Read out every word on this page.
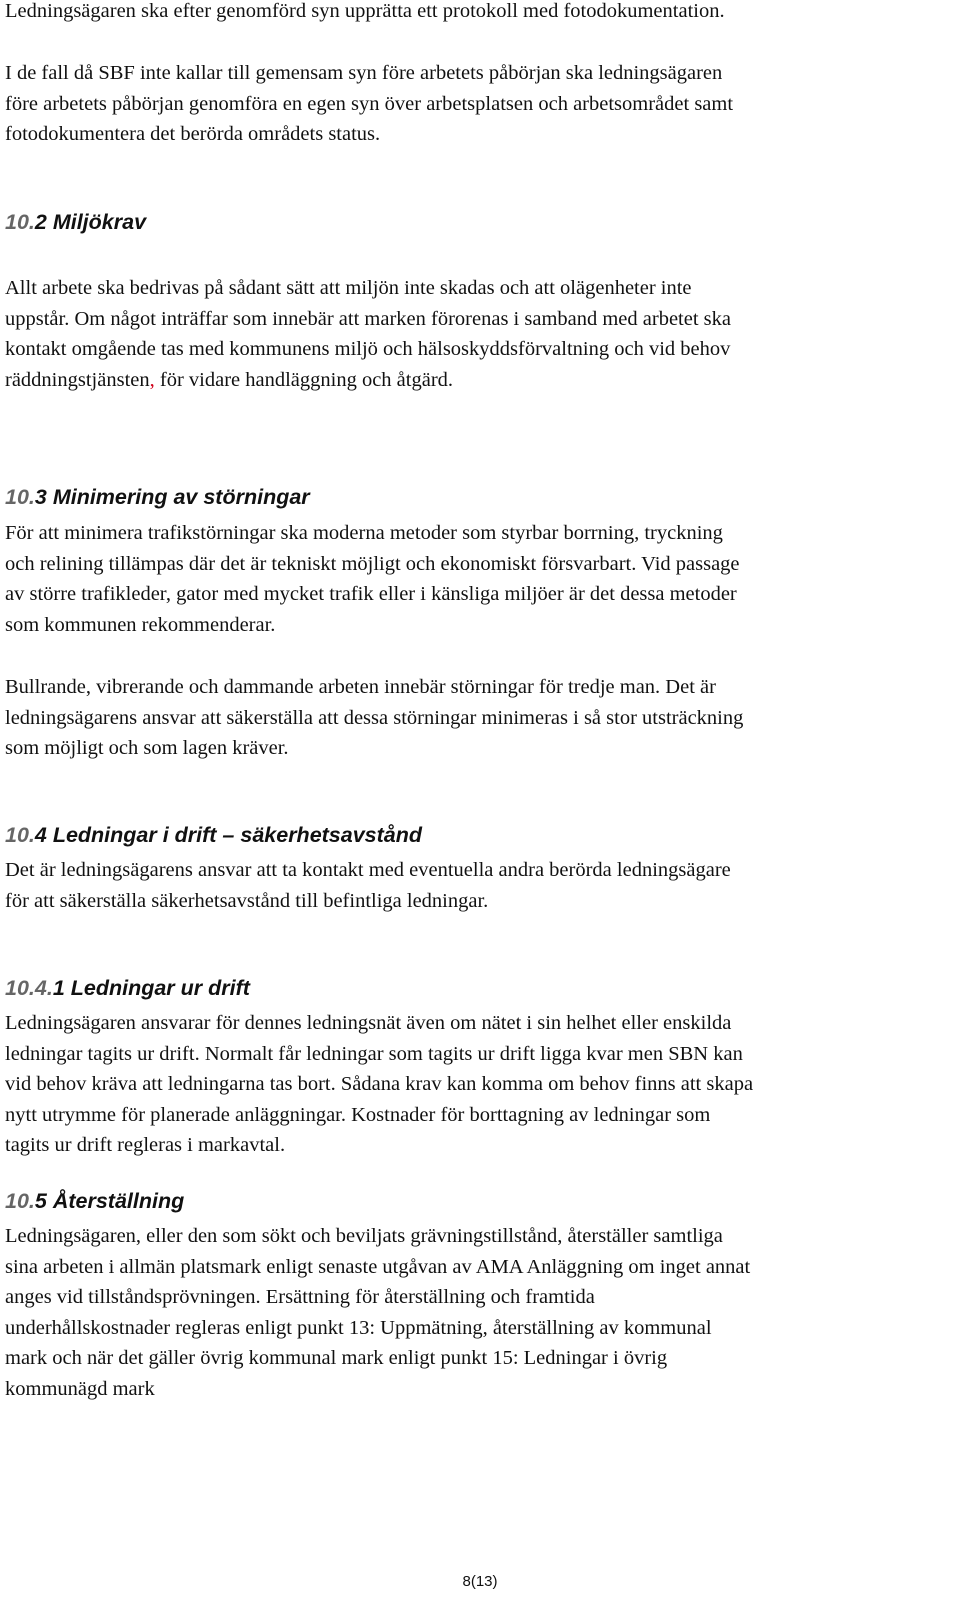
Ledningsägaren ska efter genomförd syn upprätta ett protokoll med fotodokumentation.

I de fall då SBF inte kallar till gemensam syn före arbetets påbörjan ska ledningsägaren
före arbetets påbörjan genomföra en egen syn över arbetsplatsen och arbetsområdet samt
fotodokumentera det berörda områdets status.

10.2 Miljökrav

Allt arbete ska bedrivas på sådant sätt att miljön inte skadas och att olägenheter inte
uppstår. Om något inträffar som innebär att marken förorenas i samband med arbetet ska
kontakt omgående tas med kommunens miljö och hälsoskyddsförvaltning och vid behov
räddningstjänsten, för vidare handläggning och åtgärd.

10.3 Minimering av störningar

För att minimera trafikstörningar ska moderna metoder som styrbar borrning, tryckning
och relining tillämpas där det är tekniskt möjligt och ekonomiskt försvarbart. Vid passage
av större trafikleder, gator med mycket trafik eller i känsliga miljöer är det dessa metoder
som kommunen rekommenderar.

Bullrande, vibrerande och dammande arbeten innebär störningar för tredje man. Det är
ledningsägarens ansvar att säkerställa att dessa störningar minimeras i så stor utsträckning
som möjligt och som lagen kräver.

10.4 Ledningar i drift – säkerhetsavstånd

Det är ledningsägarens ansvar att ta kontakt med eventuella andra berörda ledningsägare
för att säkerställa säkerhetsavstånd till befintliga ledningar.

10.4.1 Ledningar ur drift

Ledningsägaren ansvarar för dennes ledningsnät även om nätet i sin helhet eller enskilda
ledningar tagits ur drift. Normalt får ledningar som tagits ur drift ligga kvar men SBN kan
vid behov kräva att ledningarna tas bort. Sådana krav kan komma om behov finns att skapa
nytt utrymme för planerade anläggningar. Kostnader för borttagning av ledningar som
tagits ur drift regleras i markavtal.

10.5 Återställning

Ledningsägaren, eller den som sökt och beviljats grävningstillstånd, återställer samtliga
sina arbeten i allmän platsmark enligt senaste utgåvan av AMA Anläggning om inget annat
anges vid tillståndsprövningen. Ersättning för återställning och framtida
underhållskostnader regleras enligt punkt 13: Uppmätning, återställning av kommunal
mark och när det gäller övrig kommunal mark enligt punkt 15: Ledningar i övrig
kommunägd mark

8(13)
